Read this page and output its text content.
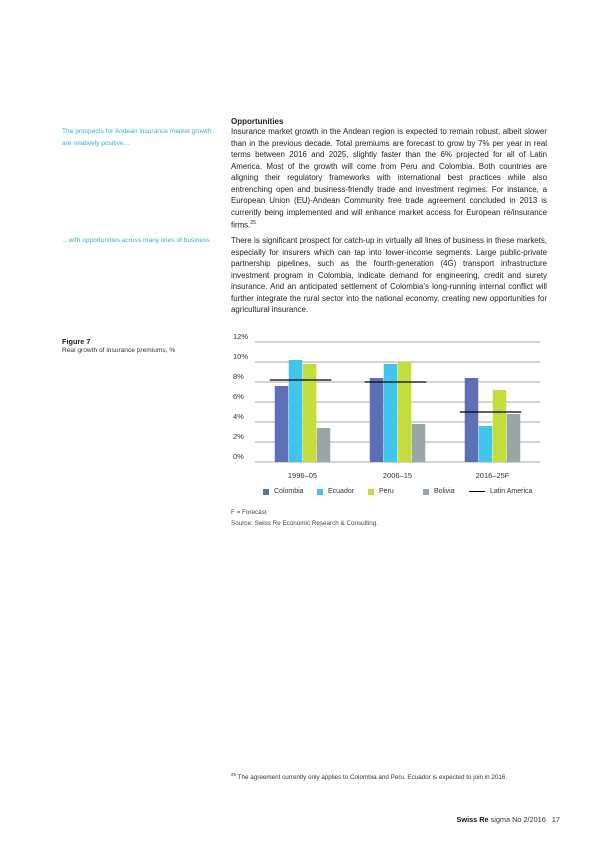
Opportunities
The prospects for Andean insurance market growth are relatively positive…
Insurance market growth in the Andean region is expected to remain robust, albeit slower than in the previous decade. Total premiums are forecast to grow by 7% per year in real terms between 2016 and 2025, slightly faster than the 6% projected for all of Latin America. Most of the growth will come from Peru and Colombia. Both countries are aligning their regulatory frameworks with international best practices while also entrenching open and business-friendly trade and investment regimes. For instance, a European Union (EU)-Andean Community free trade agreement concluded in 2013 is currently being implemented and will enhance market access for European re/insurance firms.$^{25}$
…with opportunities across many lines of business	There is significant prospect for catch-up in virtually all lines of business in these markets, especially for insurers which can tap into lower-income segments. Large public-private partnership pipelines, such as the fourth-generation (4G) transport infrastructure investment program in Colombia, indicate demand for engineering, credit and surety insurance. And an anticipated settlement of Colombia’s long-running internal conflict will further integrate the rural sector into the national economy, creating new opportunities for agricultural insurance.
Figure 7
Real growth of insurance premiums, %
0%
2%
4%
6%
8%
10%
12%
1996–05	2006–15	2016–25F
Colombia	Ecuador	Peru	Bolivia	Latin America
F = Forecast
Source: Swiss Re Economic Research & Consulting.
$^{25}$ The agreement currently only applies to Colombia and Peru. Ecuador is expected to join in 2016.
Swiss Re sigma No 2/2016 17
